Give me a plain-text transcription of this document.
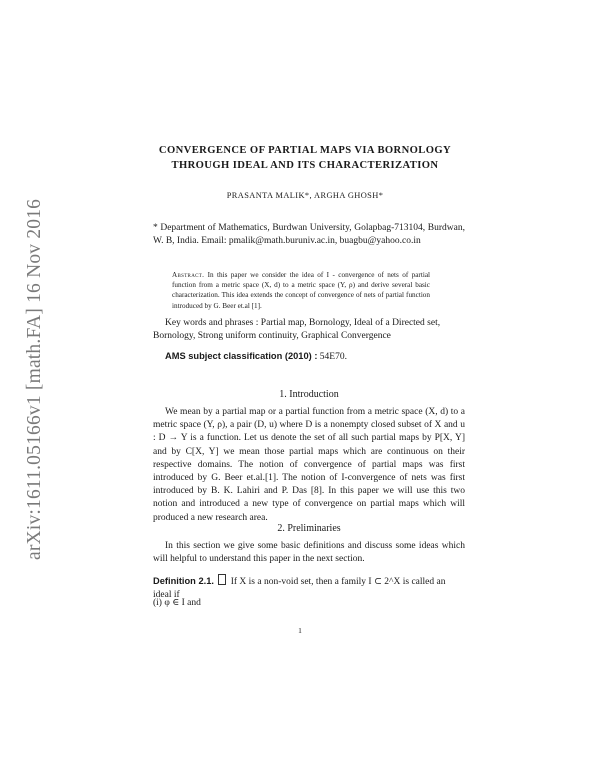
arXiv:1611.05166v1 [math.FA] 16 Nov 2016
CONVERGENCE OF PARTIAL MAPS VIA BORNOLOGY
THROUGH IDEAL AND ITS CHARACTERIZATION
PRASANTA MALIK*, ARGHA GHOSH*
* Department of Mathematics, Burdwan University, Golapbag-713104, Burdwan, W. B, India. Email: pmalik@math.buruniv.ac.in, buagbu@yahoo.co.in
Abstract. In this paper we consider the idea of I - convergence of nets of partial function from a metric space (X, d) to a metric space (Y, ρ) and derive several basic characterization. This idea extends the concept of convergence of nets of partial function introduced by G. Beer et.al [1].
Key words and phrases : Partial map, Bornology, Ideal of a Directed set, Bornology, Strong uniform continuity, Graphical Convergence
AMS subject classification (2010) : 54E70.
1. Introduction
We mean by a partial map or a partial function from a metric space (X, d) to a metric space (Y, ρ), a pair (D, u) where D is a nonempty closed subset of X and u : D → Y is a function. Let us denote the set of all such partial maps by P[X, Y] and by C[X, Y] we mean those partial maps which are continuous on their respective domains. The notion of convergence of partial maps was first introduced by G. Beer et.al.[1]. The notion of I-convergence of nets was first introduced by B. K. Lahiri and P. Das [8]. In this paper we will use this two notion and introduced a new type of convergence on partial maps which will produced a new research area.
2. Preliminaries
In this section we give some basic definitions and discuss some ideas which will helpful to understand this paper in the next section.
Definition 2.1. If X is a non-void set, then a family I ⊂ 2^X is called an ideal if
(i) φ ∈ I and
1
